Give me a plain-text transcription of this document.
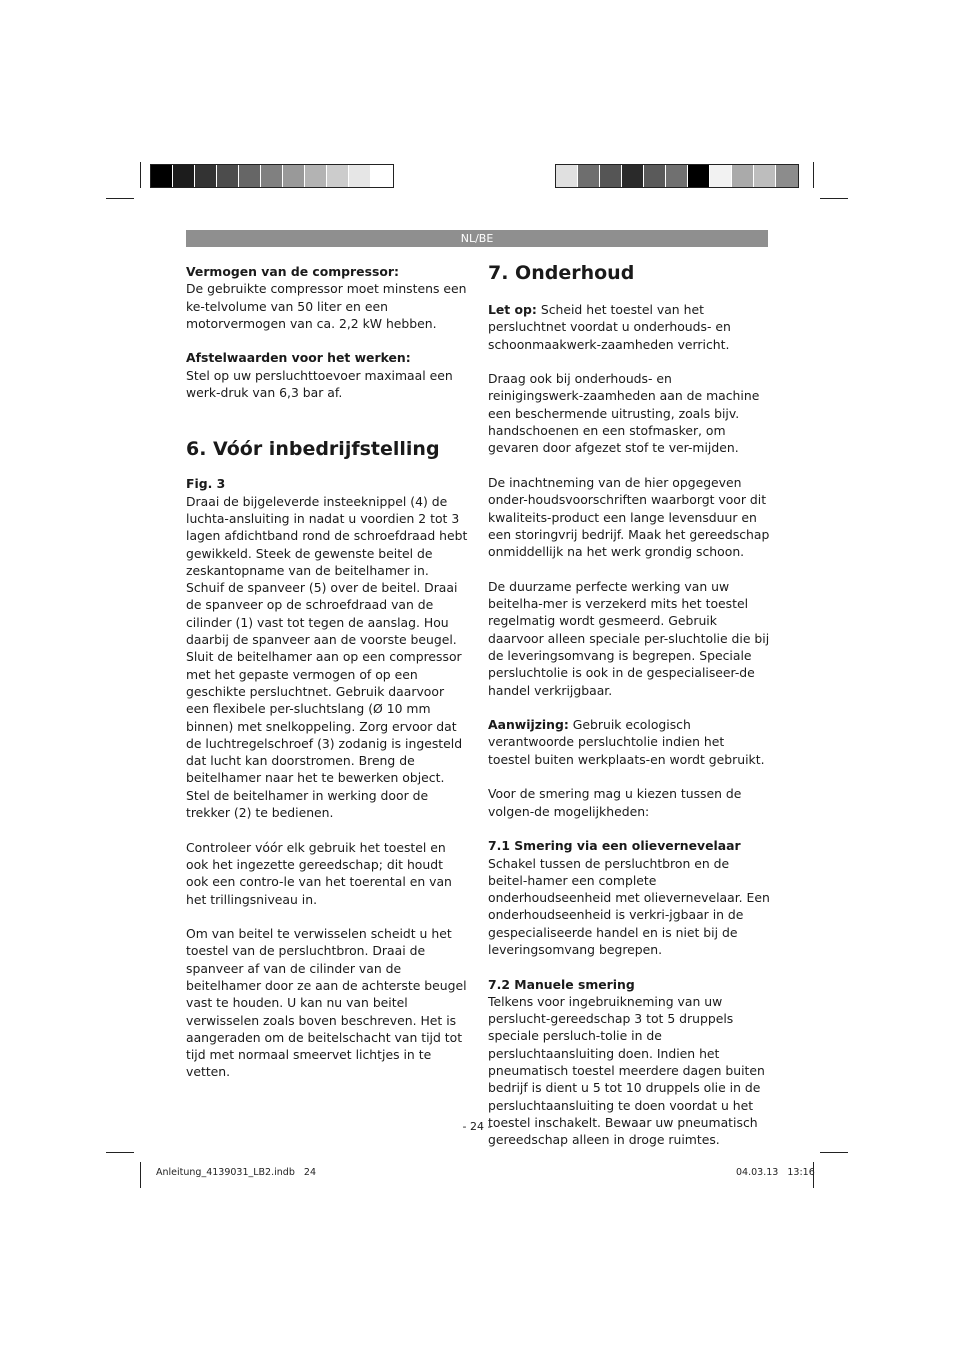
NL/BE
Vermogen van de compressor:

De gebruikte compressor moet minstens een ke-telvolume van 50 liter en een motorvermogen van ca. 2,2 kW hebben.

Afstelwaarden voor het werken:

Stel op uw persluchttoevoer maximaal een werk-druk van 6,3 bar af.

6. Vóór inbedrijfstelling
Fig. 3

Draai de bijgeleverde insteeknippel (4) de luchta-ansluiting in nadat u voordien 2 tot 3 lagen afdichtband rond de schroefdraad hebt gewikkeld. Steek de gewenste beitel de zeskantopname van de beitelhamer in. Schuif de spanveer (5) over de beitel. Draai de spanveer op de schroefdraad van de cilinder (1) vast tot tegen de aanslag. Hou daarbij de spanveer aan de voorste beugel. Sluit de beitelhamer aan op een compressor met het gepaste vermogen of op een geschikte persluchtnet. Gebruik daarvoor een flexibele per-sluchtslang (Ø 10 mm binnen) met snelkoppeling. Zorg ervoor dat de luchtregelschroef (3) zodanig is ingesteld dat lucht kan doorstromen. Breng de beitelhamer naar het te bewerken object. Stel de beitelhamer in werking door de trekker (2) te bedienen.

Controleer vóór elk gebruik het toestel en ook het ingezette gereedschap; dit houdt ook een contro-le van het toerental en van het trillingsniveau in.

Om van beitel te verwisselen scheidt u het toestel van de persluchtbron. Draai de spanveer af van de cilinder van de beitelhamer door ze aan de achterste beugel vast te houden. U kan nu van beitel verwisselen zoals boven beschreven. Het is aangeraden om de beitelschacht van tijd tot tijd met normaal smeervet lichtjes in te vetten.

7. Onderhoud

Let op: Scheid het toestel van het persluchtnet voordat u onderhouds- en schoonmaakwerk-zaamheden verricht.

Draag ook bij onderhouds- en reinigingswerk-zaamheden aan de machine een beschermende uitrusting, zoals bijv. handschoenen en een stofmasker, om gevaren door afgezet stof te ver-mijden.

De inachtneming van de hier opgegeven onder-houdsvoorschriften waarborgt voor dit kwaliteits-product een lange levensduur en een storingvrij bedrijf. Maak het gereedschap onmiddellijk na het werk grondig schoon.

De duurzame perfecte werking van uw beitelha-mer is verzekerd mits het toestel regelmatig wordt gesmeerd. Gebruik daarvoor alleen speciale per-sluchtolie die bij de leveringsomvang is begrepen. Speciale persluchtolie is ook in de gespecialiseer-de handel verkrijgbaar.

Aanwijzing: Gebruik ecologisch verantwoorde persluchtolie indien het toestel buiten werkplaats-en wordt gebruikt.

Voor de smering mag u kiezen tussen de volgen-de mogelijkheden:

7.1 Smering via een olievernevelaar

Schakel tussen de persluchtbron en de beitel-hamer een complete onderhoudseenheid met olievernevelaar. Een onderhoudseenheid is verkri-jgbaar in de gespecialiseerde handel en is niet bij de leveringsomvang begrepen.

7.2 Manuele smering

Telkens voor ingebruikneming van uw perslucht-gereedschap 3 tot 5 druppels speciale persluch-tolie in de persluchtaansluiting doen. Indien het pneumatisch toestel meerdere dagen buiten bedrijf is dient u 5 tot 10 druppels olie in de persluchtaansluiting te doen voordat u het toestel inschakelt. Bewaar uw pneumatisch gereedschap alleen in droge ruimtes.

- 24 -
Anleitung_4139031_LB2.indb   24	04.03.13   13:16
